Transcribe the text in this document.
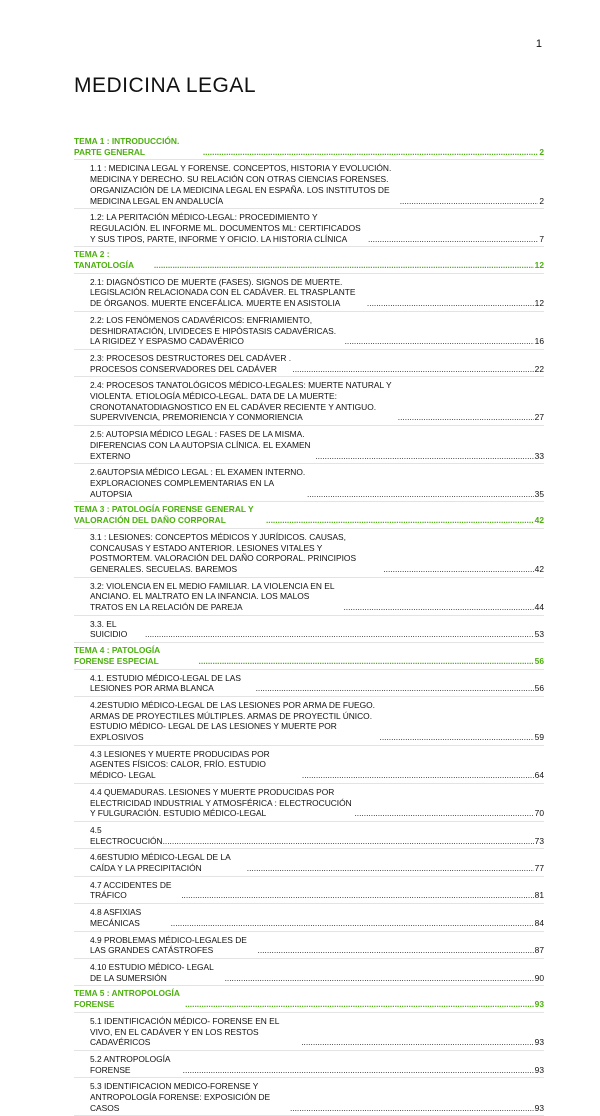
1
MEDICINA LEGAL
TEMA 1 : INTRODUCCIÓN. PARTE GENERAL .....	2
1.1 : MEDICINA LEGAL Y FORENSE. CONCEPTOS, HISTORIA Y EVOLUCIÓN. MEDICINA Y DERECHO. SU RELACIÓN CON OTRAS CIENCIAS FORENSES. ORGANIZACIÓN DE LA MEDICINA LEGAL EN ESPAÑA. LOS INSTITUTOS DE MEDICINA LEGAL EN ANDALUCÍA .....	2
1.2: LA PERITACIÓN MÉDICO-LEGAL: PROCEDIMIENTO Y REGULACIÓN. EL INFORME ML. DOCUMENTOS ML: CERTIFICADOS Y SUS TIPOS, PARTE, INFORME Y OFICIO. LA HISTORIA CLÍNICA .....	7
TEMA 2 : TANATOLOGÍA .....	12
2.1: DIAGNÓSTICO DE MUERTE (FASES). SIGNOS DE MUERTE. LEGISLACIÓN RELACIONADA CON EL CADÁVER. EL TRASPLANTE DE ÓRGANOS. MUERTE ENCEFÁLICA. MUERTE EN ASISTOLIA .....	12
2.2: LOS FENÓMENOS CADAVÉRICOS: ENFRIAMIENTO, DESHIDRATACIÓN, LIVIDECES E HIPÓSTASIS CADAVÉRICAS. LA RIGIDEZ Y ESPASMO CADAVÉRICO .....	16
2.3: PROCESOS DESTRUCTORES DEL CADÁVER . PROCESOS CONSERVADORES DEL CADÁVER .....	22
2.4: PROCESOS TANATOLÓGICOS MÉDICO-LEGALES: MUERTE NATURAL Y VIOLENTA. ETIOLOGÍA MÉDICO-LEGAL. DATA DE LA MUERTE: CRONOTANATODIAGNOSTICO EN EL CADÁVER RECIENTE Y ANTIGUO. SUPERVIVENCIA, PREMORIENCIA Y CONMORIENCIA .....	27
2.5: AUTOPSIA MÉDICO LEGAL : FASES DE LA MISMA. DIFERENCIAS CON LA AUTOPSIA CLÍNICA. EL EXAMEN EXTERNO .....	33
2.6AUTOPSIA MÉDICO LEGAL : EL EXAMEN INTERNO. EXPLORACIONES COMPLEMENTARIAS EN LA AUTOPSIA .....	35
TEMA 3 : PATOLOGÍA FORENSE GENERAL Y VALORACIÓN DEL DAÑO CORPORAL .....	42
3.1 : LESIONES: CONCEPTOS MÉDICOS Y JURÍDICOS. CAUSAS, CONCAUSAS Y ESTADO ANTERIOR. LESIONES VITALES Y POSTMORTEM. VALORACIÓN DEL DAÑO CORPORAL. PRINCIPIOS GENERALES. SECUELAS. BAREMOS .....	42
3.2: VIOLENCIA EN EL MEDIO FAMILIAR. LA VIOLENCIA EN EL ANCIANO. EL MALTRATO EN LA INFANCIA. LOS MALOS TRATOS EN LA RELACIÓN DE PAREJA .....	44
3.3. EL SUICIDIO .....	53
TEMA 4 : PATOLOGÍA FORENSE ESPECIAL .....	56
4.1. ESTUDIO MÉDICO-LEGAL DE LAS LESIONES POR ARMA BLANCA .....	56
4.2ESTUDIO MÉDICO-LEGAL DE LAS LESIONES POR ARMA DE FUEGO. ARMAS DE PROYECTILES MÚLTIPLES. ARMAS DE PROYECTIL ÚNICO. ESTUDIO MÉDICO- LEGAL DE LAS LESIONES Y MUERTE POR EXPLOSIVOS .....	59
4.3 LESIONES Y MUERTE PRODUCIDAS POR AGENTES FÍSICOS: CALOR, FRÍO. ESTUDIO MÉDICO- LEGAL .....	64
4.4 QUEMADURAS. LESIONES Y MUERTE PRODUCIDAS POR ELECTRICIDAD INDUSTRIAL Y ATMOSFÉRICA : ELECTROCUCIÓN Y FULGURACIÓN. ESTUDIO MÉDICO-LEGAL .....	70
4.5 ELECTROCUCIÓN .....	73
4.6ESTUDIO MÉDICO-LEGAL DE LA CAÍDA Y LA PRECIPITACIÓN .....	77
4.7 ACCIDENTES DE TRÁFICO .....	81
4.8 ASFIXIAS MECÁNICAS .....	84
4.9 PROBLEMAS MÉDICO-LEGALES DE LAS GRANDES CATÁSTROFES .....	87
4.10 ESTUDIO MÉDICO- LEGAL DE LA SUMERSIÓN .....	90
TEMA 5 : ANTROPOLOGÍA FORENSE .....	93
5.1 IDENTIFICACIÓN MÉDICO- FORENSE EN EL VIVO, EN EL CADÁVER Y EN LOS RESTOS CADAVÉRICOS .....	93
5.2 ANTROPOLOGÍA FORENSE .....	93
5.3 IDENTIFICACION MEDICO-FORENSE Y ANTROPOLOGÍA FORENSE: EXPOSICIÓN DE CASOS .....	93
